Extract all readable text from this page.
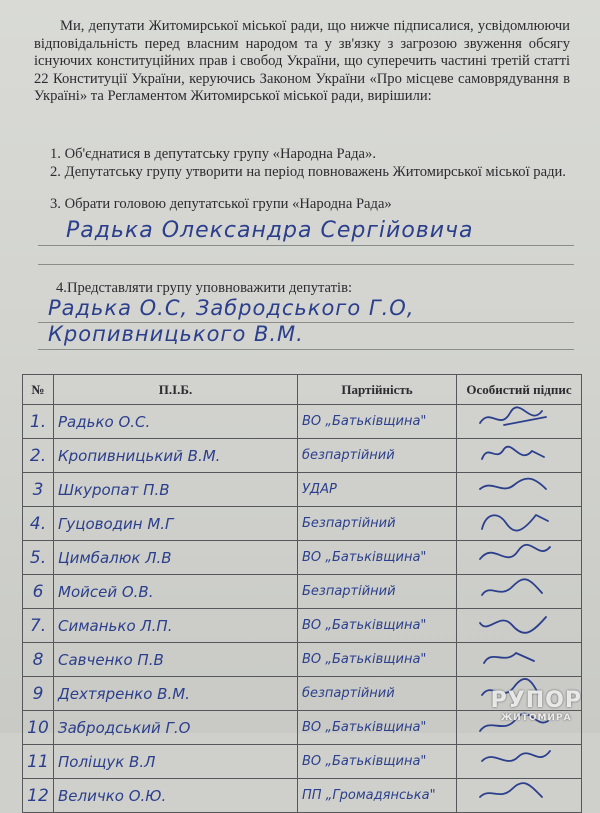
Ми, депутати Житомирської міської ради, що нижче підписалися, усвідомлюючи відповідальність перед власним народом та у зв'язку з загрозою звуження обсягу існуючих конституційних прав і свобод України, що суперечить частині третій статті 22 Конституції України, керуючись Законом України «Про місцеве самоврядування в Україні» та Регламентом Житомирської міської ради, вирішили:
1. Об'єднатися в депутатську групу «Народна Рада».
2. Депутатську групу утворити на період повноважень Житомирської міської ради.
3. Обрати головою депутатської групи «Народна Рада»
Радька Олександра Сергійовича
4.Представляти групу уповноважити депутатів:
Радька О.С, Забродського Г.О,
Кропивницького В.М.
№	П.І.Б.	Партійність	Особистий підпис
1.	Радько О.С.	ВО „Батьківщина"	
2.	Кропивницький В.М.	безпартійний	
3	Шкуропат П.В	УДАР	
4.	Гуцоводин М.Г	Безпартійний	
5.	Цимбалюк Л.В	ВО „Батьківщина"	
6	Мойсей О.В.	Безпартійний	
7.	Симанько Л.П.	ВО „Батьківщина"	
8	Савченко П.В	ВО „Батьківщина"	
9	Дехтяренко В.М.	безпартійний	
10	Забродський Г.О	ВО „Батьківщина"	
11	Поліщук В.Л	ВО „Батьківщина"	
12	Величко О.Ю.	ПП „Громадянська"	
РУПОР
ЖИТОМИРА
